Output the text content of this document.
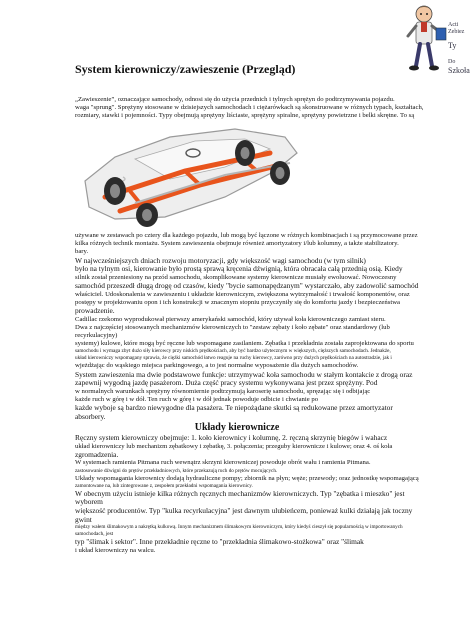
Acti
Zebiez
Ty
Do
Szkoła
System kierowniczy/zawieszenie (Przegląd)

„Zawieszenie”, oznaczające samochody, odnosi się do użycia przednich i tylnych sprężyn do podtrzymywania pojazdu.

waga "sprung". Sprężyny stosowane w dzisiejszych samochodach i ciężarówkach są skonstruowane w różnych typach, kształtach,

rozmiary, stawki i pojemności. Typy obejmują sprężyny liściaste, sprężyny spiralne, sprężyny powietrzne i belki skrętne. To są

używane w zestawach po cztery dla każdego pojazdu, lub mogą być łączone w różnych kombinacjach i są przymocowane przez

kilka różnych technik montażu. System zawieszenia obejmuje również amortyzatory i/lub kolumny, a także stabilizatory.

bary.

W najwcześniejszych dniach rozwoju motoryzacji, gdy większość wagi samochodu (w tym silnik)

było na tylnym osi, kierowanie było prostą sprawą kręcenia dźwignią, która obracała całą przednią osią. Kiedy

silnik został przeniesiony na przód samochodu, skomplikowane systemy kierownicze musiały ewoluować. Nowoczesny

samochód przeszedł długą drogę od czasów, kiedy "bycie samonapędzanym" wystarczało, aby zadowolić samochód

właściciel. Udoskonalenia w zawieszeniu i układzie kierowniczym, zwiększona wytrzymałość i trwałość komponentów, oraz

postępy w projektowaniu opon i ich konstrukcji w znacznym stopniu przyczyniły się do komfortu jazdy i bezpieczeństwa

prowadzenie.

Cadillac rzekomo wyprodukował pierwszy amerykański samochód, który używał koła kierowniczego zamiast steru.

Dwa z najczęściej stosowanych mechanizmów kierowniczych to "zestaw zębaty i koło zębate" oraz standardowy (lub recyrkulacyjny)

systemy) kulowe, które mogą być ręczne lub wspomagane zasilaniem. Zębatka i przekładnia została zaprojektowana do sportu

samochodu i wymaga zbyt dużo siły kierowcy przy niskich prędkościach, aby być bardzo użytecznym w większych, cięższych samochodach. Jednakże,

układ kierowniczy wspomagany sprawia, że ciężki samochód łatwo reaguje na ruchy kierowcy, zarówno przy dużych prędkościach na autostradzie, jak i

wjeżdżając do wąskiego miejsca parkingowego, a to jest normalne wyposażenie dla dużych samochodów.

System zawieszenia ma dwie podstawowe funkcje: utrzymywać koła samochodu w stałym kontakcie z drogą oraz

zapewnij wygodną jazdę pasażerom. Duża część pracy systemu wykonywana jest przez sprężyny. Pod

w normalnych warunkach sprężyny równomiernie podtrzymują karoserię samochodu, spręzając się i odbijając

każde ruch w górę i w dół. Ten ruch w górę i w dół jednak powoduje odbicie i chwianie po

każde wyboje są bardzo niewygodne dla pasażera. Te niepożądane skutki są redukowane przez amortyzator

absorbery.

Układy kierownicze

Ręczny system kierowniczy obejmuje: 1. koło kierownicy i kolumnę, 2. ręczną skrzynię biegów i wahacz

układ kierowniczy lub mechanizm zębatkowy i zębatkę, 3. połączenia; przeguby kierownicze i kulowe; oraz 4. oś koła

zgromadzenia.

W systemach ramienia Pitmana ruch wewnątrz skrzyni kierowniczej powoduje obrót wału i ramienia Pitmana.

zastosowanie dźwigni do prętów przekładniowych, które przekazują ruch do prętów mocujących.

Układy wspomagania kierownicy dodają hydrauliczne pompy; zbiornik na płyn; węże; przewody; oraz jednostkę wspomagającą

zamontowane na, lub zintegrowane z, zespołem przekładni wspomagania kierownicy.

W obecnym użyciu istnieje kilka różnych ręcznych mechanizmów kierowniczych. Typ "zębatka i mieszko" jest wyborem

większość producentów. Typ "kulka recyrkulacyjna" jest dawnym ulubieńcem, ponieważ kulki działają jak toczny gwint

między wałem ślimakowym a nakrętką kulkową. Innym mechanizmem ślimakowym kierowniczym, który kiedyś cieszył się popularnością w importowanych samochodach, jest

typ "ślimak i sektor". Inne przekładnie ręczne to "przekładnia ślimakowo-stożkowa" oraz "ślimak

i układ kierowniczy na walcu.
